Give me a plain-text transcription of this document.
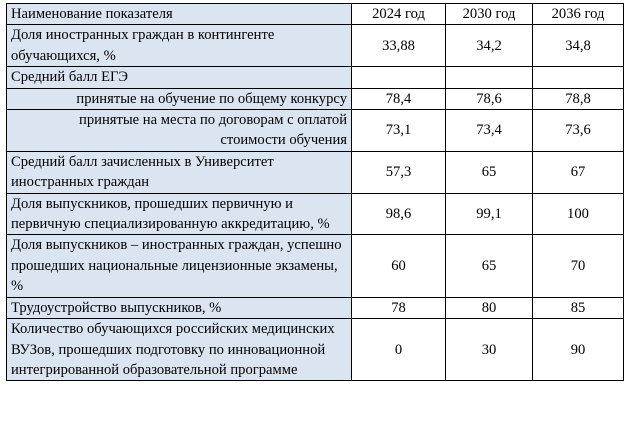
Наименование показателя	2024 год	2030 год	2036 год
Доля иностранных граждан в контингенте обучающихся, %	33,88	34,2	34,8
Средний балл ЕГЭ			
принятые на обучение по общему конкурсу	78,4	78,6	78,8
принятые на места по договорам с оплатой стоимости обучения	73,1	73,4	73,6
Средний балл зачисленных в Университет иностранных граждан	57,3	65	67
Доля выпускников, прошедших первичную и первичную специализированную аккредитацию, %	98,6	99,1	100
Доля выпускников – иностранных граждан, успешно прошедших национальные лицензионные экзамены, %	60	65	70
Трудоустройство выпускников, %	78	80	85
Количество обучающихся российских медицинских ВУЗов, прошедших подготовку по инновационной интегрированной образовательной программе	0	30	90
